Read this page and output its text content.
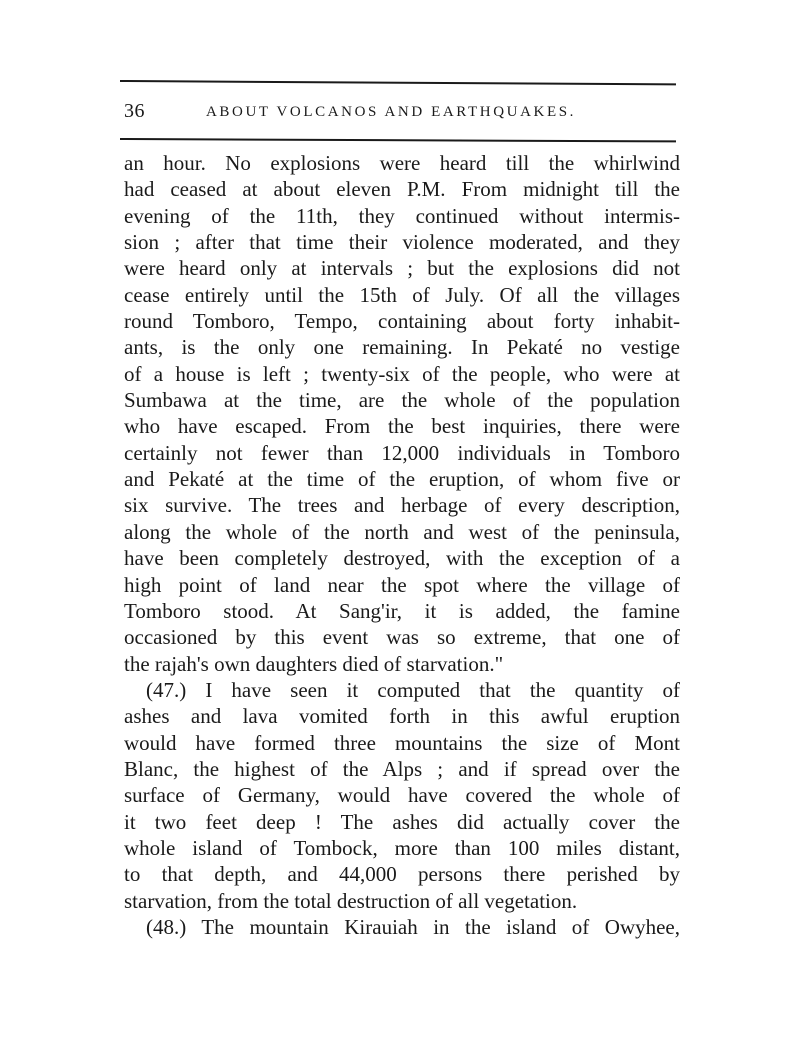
36	ABOUT VOLCANOS AND EARTHQUAKES.
an hour. No explosions were heard till the whirlwind
had ceased at about eleven P.M. From midnight till the
evening of the 11th, they continued without intermis-
sion ; after that time their violence moderated, and they
were heard only at intervals ; but the explosions did not
cease entirely until the 15th of July. Of all the villages
round Tomboro, Tempo, containing about forty inhabit-
ants, is the only one remaining. In Pekaté no vestige
of a house is left ; twenty-six of the people, who were at
Sumbawa at the time, are the whole of the population
who have escaped. From the best inquiries, there were
certainly not fewer than 12,000 individuals in Tomboro
and Pekaté at the time of the eruption, of whom five or
six survive. The trees and herbage of every description,
along the whole of the north and west of the peninsula,
have been completely destroyed, with the exception of a
high point of land near the spot where the village of
Tomboro stood. At Sang'ir, it is added, the famine
occasioned by this event was so extreme, that one of
the rajah's own daughters died of starvation."
(47.) I have seen it computed that the quantity of
ashes and lava vomited forth in this awful eruption
would have formed three mountains the size of Mont
Blanc, the highest of the Alps ; and if spread over the
surface of Germany, would have covered the whole of
it two feet deep ! The ashes did actually cover the
whole island of Tombock, more than 100 miles distant,
to that depth, and 44,000 persons there perished by
starvation, from the total destruction of all vegetation.
(48.) The mountain Kirauiah in the island of Owyhee,
